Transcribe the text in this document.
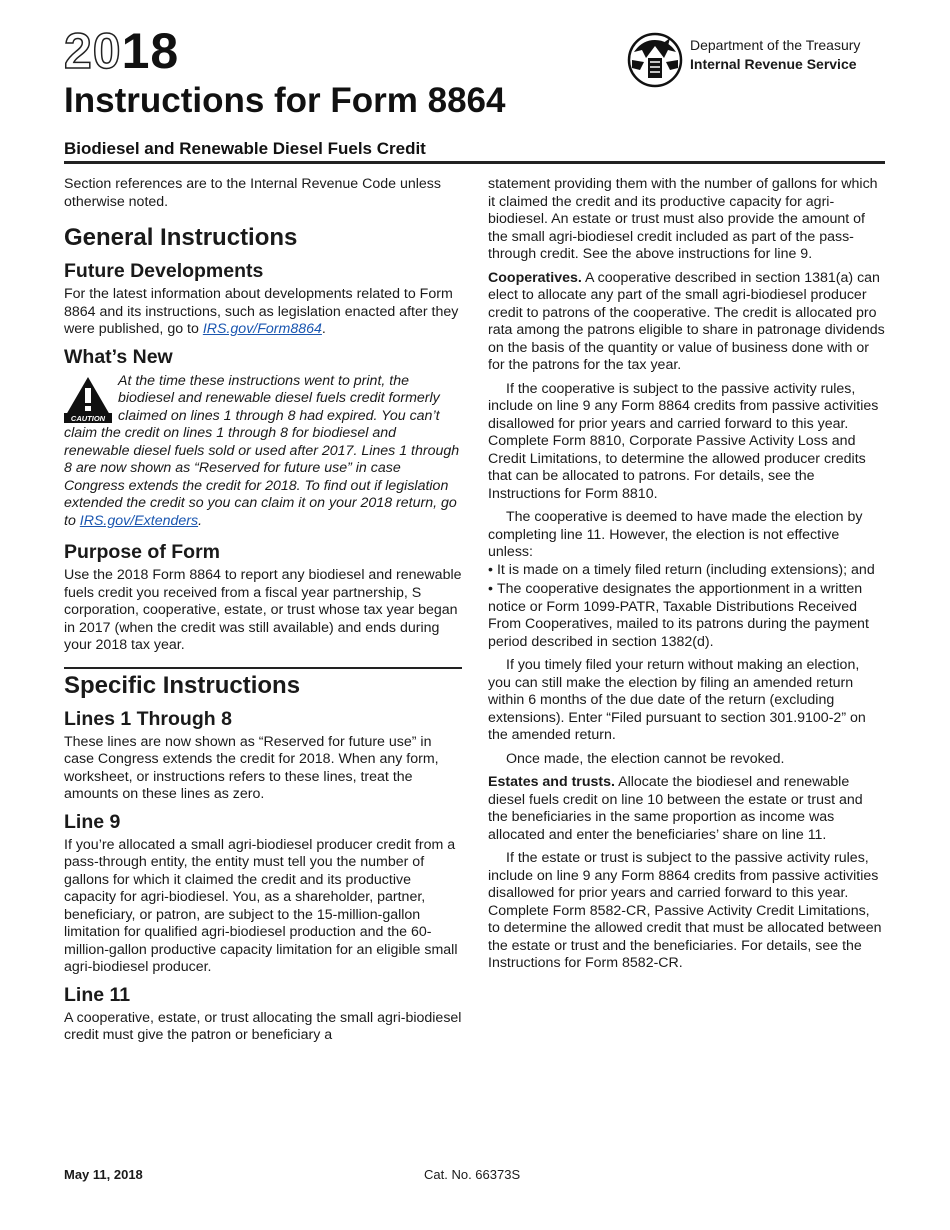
20 18
Instructions for Form 8864
Biodiesel and Renewable Diesel Fuels Credit
Department of the Treasury
Internal Revenue Service

Section references are to the Internal Revenue Code unless otherwise noted.

General Instructions
Future Developments

For the latest information about developments related to Form 8864 and its instructions, such as legislation enacted after they were published, go to IRS.gov/Form8864.

What’s New
CAUTION
At the time these instructions went to print, the biodiesel and renewable diesel fuels credit formerly claimed on lines 1 through 8 had expired. You can’t claim the credit on lines 1 through 8 for biodiesel and renewable diesel fuels sold or used after 2017. Lines 1 through 8 are now shown as “Reserved for future use” in case Congress extends the credit for 2018. To find out if legislation extended the credit so you can claim it on your 2018 return, go to IRS.gov/Extenders.
Purpose of Form

Use the 2018 Form 8864 to report any biodiesel and renewable fuels credit you received from a fiscal year partnership, S corporation, cooperative, estate, or trust whose tax year began in 2017 (when the credit was still available) and ends during your 2018 tax year.

Specific Instructions
Lines 1 Through 8

These lines are now shown as “Reserved for future use” in case Congress extends the credit for 2018. When any form, worksheet, or instructions refers to these lines, treat the amounts on these lines as zero.

Line 9

If you’re allocated a small agri-biodiesel producer credit from a pass-through entity, the entity must tell you the number of gallons for which it claimed the credit and its productive capacity for agri-biodiesel. You, as a shareholder, partner, beneficiary, or patron, are subject to the 15-million-gallon limitation for qualified agri-biodiesel production and the 60-million-gallon productive capacity limitation for an eligible small agri-biodiesel producer.

Line 11

A cooperative, estate, or trust allocating the small agri-biodiesel credit must give the patron or beneficiary a

statement providing them with the number of gallons for which it claimed the credit and its productive capacity for agri-biodiesel. An estate or trust must also provide the amount of the small agri-biodiesel credit included as part of the pass-through credit. See the above instructions for line 9.

Cooperatives. A cooperative described in section 1381(a) can elect to allocate any part of the small agri-biodiesel producer credit to patrons of the cooperative. The credit is allocated pro rata among the patrons eligible to share in patronage dividends on the basis of the quantity or value of business done with or for the patrons for the tax year.

If the cooperative is subject to the passive activity rules, include on line 9 any Form 8864 credits from passive activities disallowed for prior years and carried forward to this year. Complete Form 8810, Corporate Passive Activity Loss and Credit Limitations, to determine the allowed producer credits that can be allocated to patrons. For details, see the Instructions for Form 8810.

The cooperative is deemed to have made the election by completing line 11. However, the election is not effective unless:

• It is made on a timely filed return (including extensions); and
• The cooperative designates the apportionment in a written notice or Form 1099-PATR, Taxable Distributions Received From Cooperatives, mailed to its patrons during the payment period described in section 1382(d).

If you timely filed your return without making an election, you can still make the election by filing an amended return within 6 months of the due date of the return (excluding extensions). Enter “Filed pursuant to section 301.9100-2” on the amended return.

Once made, the election cannot be revoked.

Estates and trusts. Allocate the biodiesel and renewable diesel fuels credit on line 10 between the estate or trust and the beneficiaries in the same proportion as income was allocated and enter the beneficiaries’ share on line 11.

If the estate or trust is subject to the passive activity rules, include on line 9 any Form 8864 credits from passive activities disallowed for prior years and carried forward to this year. Complete Form 8582-CR, Passive Activity Credit Limitations, to determine the allowed credit that must be allocated between the estate or trust and the beneficiaries. For details, see the Instructions for Form 8582-CR.

May 11, 2018	Cat. No. 66373S
